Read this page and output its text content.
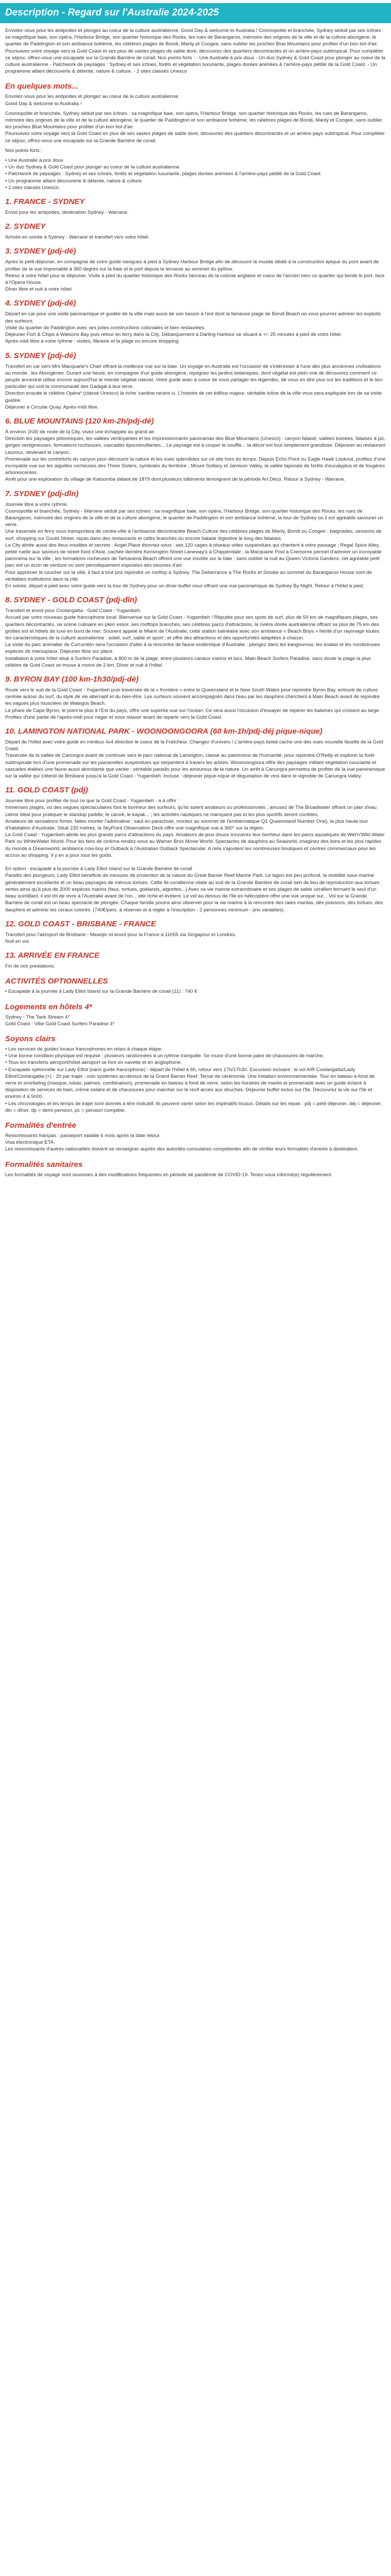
Description - Regard sur l'Australie 2024-2025

Envolez-vous pour les antipodes et plongez au coeur de la culture australienne. Good Day & welcome to Australia ! Cosmopolite et branchée, Sydney séduit par ses icônes : sa magnifique baie, son opéra, l'Harbour Bridge, son quartier historique des Rocks, les rues de Barangaroo, mémoire des origines de la ville et de la culture aborigène, le quartier de Paddington et son ambiance bohème, les célèbres plages de Bondi, Manly et Coogee, sans oublier les proches Blue Mountains pour profiter d'un bon bol d'air. Poursuivez votre voyage vers la Gold Coast et ses plus de vastes plages de sable doré, découvrez des quartiers décontractés et un arrière-pays subtropical. Pour compléter ce séjour, offrez-vous une escapade sur la Grande Barrière de corail. Nos points forts : - Une Australie à prix doux - Un duo Sydney & Gold Coast pour plonger au coeur de la culture australienne - Patchwork de paysages : Sydney et ses icônes, forêts et végétation luxuriante, plages dorées animées & l'arrière-pays pétillé de la Gold Coast. - Un programme alliant découverte & détente, nature & culture. - 2 sites classés Unesco

En quelques mots...

Envolez-vous pour les antipodes et plongez au coeur de la culture australienne.
Good Day & welcome to Australia !

Cosmopolite et branchée, Sydney séduit par ses icônes : sa magnifique baie, son opéra, l'Harbour Bridge, son quartier historique des Rocks, les rues de Barangaroo, mémoire des origines de la ville et de la culture aborigène, le quartier de Paddington et son ambiance bohème, les célèbres plages de Bondi, Manly et Coogee, sans oublier les proches Blue Mountains pour profiter d'un bon bol d'air.
Poursuivez votre voyage vers la Gold Coast en plus de ses vastes plages de sable doré, découvrez des quartiers décontractés et un arrière-pays subtropical. Pour compléter ce séjour, offrez-vous une escapade sur la Grande Barrière de corail.

Nos points forts :

• Une Australie à prix doux
• Un duo Sydney & Gold Coast pour plonger au coeur de la culture australienne
• Patchwork de paysages : Sydney et ses icônes, forêts et végétation luxuriante, plages dorées animées & l'arrière-pays pétillé de la Gold Coast.
• Un programme alliant découverte & détente, nature & culture.
• 2 sites classés Unesco.
1. FRANCE - SYDNEY

Envol pour les antipodes, destination Sydney - Warrane.

2. SYDNEY

Arrivée en soirée à Sydney - Warrane et transfert vers votre hôtel.

3. SYDNEY (pdj-dé)

Après le petit déjeuner, en compagnie de votre guide naviguez à pied à Sydney Harbour Bridge afin de découvrir le musée dédié à la construction épique du pont avant de profiter de la vue imprenable à 360 degrés sur la baie et le port depuis la terrasse au sommet du pylône.
Retour à votre hôtel pour le déjeuner. Visite à pied du quartier historique des Rocks berceau de la colonie anglaise et coeur de l'ancien bien co quartier qui borde le port, face à l'Opera House.
Dîner libre et nuit à votre hôtel.

4. SYDNEY (pdj-dé)

Départ en car pour une visite panoramique et guidée de la ville mais aussi de son bassin à l'est dont la fameuse plage de Bondi Beach où vous pourrez admirer les exploits des surfeurs.
Visite du quartier de Paddington avec ses jolies constructions coloniales et bien restaurées.
Déjeuner Fish & Chips à Watsons Bay puis retour en ferry dans la City. Débarquement à Darling Harbour se situant à +/- 25 minutes à pied de votre hôtel.
Après-midi libre à votre rythme : visites, flânerie et la plage ou encore shopping.

5. SYDNEY (pdj-dé)

Transfert en car vers Mrs Macquarie's Chair offrant la meilleure vue sur la baie. Un voyage en Australie est l'occasion de s'intéresser à l'une des plus anciennes civilisations au monde : les Aborigènes. Durant une heure, en compagnie d'un guide aborigène, rejoignez les jardins botaniques, dont végétal est plein vrai de découvrez comment ce peuple ancestral utilise encore aujourd'hui le monde végétal naturel. Votre guide avec à coeur de vous partager les légendes, de vous en dire plus sur les traditions et le lien particulier qui unit la communauté des Gadigal à leur terre.
Direction ensuite le célèbre Opéra* (classé Unesco) la riche 'cardine neutre ci. L'histoire de cet édifice majeur, véritable icône de la ville vous sera expliquée lors de sa visite guidée.
Déjeuner à Circular Quay. Après-midi libre.

6. BLUE MOUNTAINS (120 km-2h/pdj-dé)

À environ 1h30 de route de la City, vivez une échappée au grand air.
Direction les paysages pittoresques, les vallées verdoyantes et les impressionnants panoramas des Blue Mountains (Unesco) : canyon falaisé, vallées boisées, falaises à pic, gorges vertigineuses, formations rocheuses, cascades époustouflantes... Le paysage est à couper le souffle... la décor est tout simplement grandiose. Déjeuner au restaurant Leuroux, devenant le canyon.
Promenade sur les contreforts du canyon pour découvrir la nature et les vues splendides sur ce site hors du temps. Depuis Echo Point ou Eagle Hawk Lookout, profitez d'une incroyable vue sur les aiguilles rocheuses des Three Sisters, symboles du territoire ; Mount Solitary et Jamison Valley, la vallée tapissée de forêts d'eucalyptus et de fougères arborescentes.
Arrêt pour une exploration du village de Katoomba datant de 1879 dont plusieurs bâtiments témoignent de la période Art Déco. Retour à Sydney - Warrane.

7. SYDNEY (pdj-dîn)

Journée libre à votre rythme.
Cosmopolite et branchée, Sydney - Warrane séduit par ses icônes : sa magnifique baie, son opéra, l'Harbour Bridge, son quartier historique des Rocks, les rues de Barangaroo, mémoire des origines de la ville et de la culture aborigène, le quartier de Paddington et son ambiance bohème, la tour de Sydney où il est agréable savourer un verre.
Une traversée en ferry vous transportera de centre-ville à l'ambiance décontractée Beach Culture des célèbres plages de Manly, Bondi ou Coogee : baignades, sessions de surf, shopping sur Gould Street, repas dans des restaurants et cafés branchés ou encore balade digestive le long des falaises.
La City abrite aussi des lieux insolites et secrets : Angel Place étonnez-vous : ses 120 cages à oiseaux vides suspendues qui chantent à votre passage ; Regal Spice Alley, petite ruelle aux saveurs de street food d'Asie, cachée derrière Kensington Street Laneway's à Chippendale ; la Macquarie Pool à Cremorne permet d'admirer un incroyable panorama sur la ville ; les formations rocheuses de Tamarama Beach offrent une vue insolite sur la baie ; sans oublier la nuit au Queen Victoria Gardens, cet agréable petit parc est un écrin de verdure où sont périodiquement exposées des oeuvres d'art.
Pour apprécier le coucher sur la ville, il faut à tout prix rejoindre un rooftop à Sydney. The Deberrance à The Rocks et Smoke au sommet du Barangaroo House sont de véritables institutions dans la cité.
En soirée, départ à pied avec votre guide vers la tour de Sydney pour un dîner-buffet vous offrant une vue panoramique de Sydney By Night. Retour à l'hôtel à pied.

8. SYDNEY - GOLD COAST (pdj-dîn)

Transfert et envol pour Coolangatta - Gold Coast - Yugambeh.
Accueil par votre nouveau guide francophone local. Bienvenue sur la Gold Coast - Yugambeh ! Réputée pour ses spots de surf, plus de 50 km de magnifiques plages, ses quartiers décontractés, sa scène culinaire en plein essor, ses rooftops branchés, ses célèbres parcs d'attractions, la rivière dorée australienne offrant sa plus de 75 km des grottes est et hôtels de luxe en bord de mer. Souvent appelé le Miami de l'Australie, cette station balnéaire avec son ambiance « Beach Boys » hérité d'un rayonage toutes les caractéristiques de la culture australienne : soleil, surf, sable et sport ; et offre des attractions et des opportunités adaptées à chacun.
La visite du parc animalier de Currumbin sera l'occasion d'aller à la rencontre de faune endémique d'Australie : plongez dans les kangourous, les koalas et les nombreuses espèces de marsupiaux. Déjeuner libre sur place.
Installation à votre hôtel situé à Surfers Paradise, à 800 m de la plage, entre plusieurs canaux marins et lacs. Main Beach Surfers Paradise, sans doute la plage la plus célèbre de Gold Coast se trouve à moins de 2 km. Dîner et nuit à l'hôtel.

9. BYRON BAY (100 km-1h30/pdj-dé)

Route vers le sud de la Gold Coast - Yugambeh puis traversée de la « frontière » entre le Queensland et le New South Wales pour rejoindre Byron Bay, entouré de culture centrée autour du surf, du style de vie alternatif et du bien-être. Les surfeurs souvent accompagnés dans l'eau par les dauphins cherchent à Main Beach avant de rejoindre les vagues plus musclées de Wategos Beach.
Le phare de Cape Byron, le point le plus à l'Est du pays, offre une superbe vue sur l'océan. Ce sera aussi l'occasion d'essayer de repérer les baleines qui croisent au large.
Profitez d'une partie de l'après-midi pour nager et vous relaxer avant de repartir vers la Gold Coast.

10. LAMINGTON NATIONAL PARK - WOONOONGOORA (60 km-1h/pdj-déj pique-nique)

Départ de l'hôtel avec votre guide en minibus 4x4 direction le coeur de la Fraîcheur. Changez d'univers ! L'arrière-pays boisé cache une des vues nouvelle facette de la Gold Coast.
Traversée de la vallée de Canungra avant de continuer vers le parc national de Lamington, classé au patrimoine de l'humanité, pour rejoindre O'Reilly et explorer la forêt subtropicale lors d'une promenade sur les passerelles suspendues qui serpentent à travers les arbres. Woonoongoora offre des paysages mêlant végétation luxuriante et cascades étalées une faune aussi abondante que variée : véritable paradis pour les amoureux de la nature. Un arrêt à Canungra permettra de profiter de la vue panoramique sur la vallée qui s'étend de Brisbane jusqu'à la Gold Coast - Yugambeh. Incluse : déjeuner pique-nique et dégustation de vins dans le vignoble de Canungra Valley.

11. GOLD COAST (pdj)

Journée libre pour profiter de tout ce que la Gold Coast - Yugambeh - a à offrir :
Immenses plages, où des vagues spectaculaires font le bonheur des surfeurs, qu'ils soient amateurs ou professionnels ; amusez de The Broadwater offrant un plan d'eau calme idéal pour pratiquer le standup paddle, le canoë, le kayak... ; les activités nautiques ne manquent pas et les plus sportifs seront comblés.
Amateurs de sensations fortes, faites monter l'adrénaline : saut en parachute, montez au sommet de l'emblématique Q1 Queensland Number One), la plus haute tour d'habitation d'Australie. Situé 230 mètres, la SkyPoint Observation Deck offre une magnifique vue à 360° sur la région.
La Gold Coast - Yugambeh abrite les plus grands parcs d'attractions du pays. Amateurs de jeux douze trouverez leur bonheur dans les parcs aquatiques de Wet'n'Wild Water Park ou WhiteWater World. Pour les fans de cinéma rendez-vous au Warner Bros Movie World. Spectacles de dauphins au Seaworld, imaginez des lions et les plus rapides du monde à Dreamworld, ambiance cow-boy et Outback à l'Australian Outback Spectacular. A cela s'ajoutent les nombreuses boutiques et centres commerciaux pour les accros au shopping. Il y en a pour tous les goûts.

En option : escapade à la journée à Lady Elliot Island sur la Grande Barrière de corail
Paradis des plongeurs, Lady Elliot bénéficie de mesures de protection de la nature du Great Barrier Reef Marine Park. Le lagon est peu profond, la visibilité sous-marine généralement excellente et un beau paysages de mérous tortues. Cette île corallienne vitale au sud de la Grande Barrière de corail sert de lieu de reproduction aux tortues vertes ainsi qu'à plus de 2000 espèces marins (faux, tortues, goélands, aigrettes...) Avec sa vie marine extraordinaire et ses plages de sable corallien fermant le seul d'un beau scintillant, il est tôt de vivre à l'Australie avant de l'on... site riche et évident. Le vol au-dessus de l'île en hélicoptère offre une vue unique sur... Vol sur la Grande Barrière de corail est un beau spectacle de plongée. Chaque famille pourra ainsi observer pour la vie marine à la rencontre des raies mantas, des poissons, des tortues, des dauphins et admirer les coraux colorés. (740€/pers. à réserver et à régler à l'inscription - 2 personnes minimum - prix variables).

12. GOLD COAST - BRISBANE - FRANCE

Transfert pour l'aéroport de Brisbane - Meanjin et envol pour la France à 11h55 via Singapour et Londres.
Nuit en vol.

13. ARRIVÉE EN FRANCE

Fin de nos prestations.

ACTIVITÉS OPTIONNELLES
• Escapade à la journée à Lady Elliot Island sur la Grande Barrière de corail (11) : 740 €
Logements en hôtels 4*

Sydney - The Tank Stream 4*

Gold Coast - Vibe Gold Coast Surfers Paradise 4*

Soyons clairs
• Les services de guides locaux francophones en relais à chaque étape.
• Une bonne condition physique est requise : plusieurs randonnées à un rythme tranquille. Se munir d'une bonne paire de chaussures de marche.
• Tous les transferts aéroport/hôtel aéroport se font en navette et en anglophone.
• Escapade optionnelle sur Lady Elliot (sans guide francophone) : départ de l'hôtel à 6h, retour vers 17h/17h30. Excursion incluant : le vol A/R Coolangatta/Lady Elliot/Coolangatta (+) - 2h par trajet - vols systèmes au-dessus de la Grand Barrier Reef. Tenue de cérémonie. Une initiation environnementale. Tour en bateau à fond de verre et snorkeling (masque, tubas, palmes, combinaison), promenade en bateau à fond de verre, selon les horaires de marée et promenade avec un guide éclairé à disposition de services de bain, crème solaire et de chaussures pour marcher sur le récif accès aux douches. Déjeuner buffet inclus sur l'île. Découvrez la vie sur l'île et environ 4 à 5h00.
• Les chronologies et les temps de trajet sont donnés à titre indicatif, ils peuvent varier selon les impératifs locaux. Détails sur les repas : pdj = petit déjeuner, déj = déjeuner, din = dîner, dp = demi-pension, pc = pension complète.
Formalités d'entrée

Ressortissants français : passeport valable 6 mois après la date retour.
Visa électronique ETA.
Les ressortissants d'autres nationalités doivent se renseigner auprès des autorités consulaires compétentes afin de vérifier leurs formalités d'entrée à destination.

Formalités sanitaires

Les formalités de voyage sont soumises à des modifications fréquentes en période de pandémie de COVID-19. Tenez-vous informé(e) régulièrement.
